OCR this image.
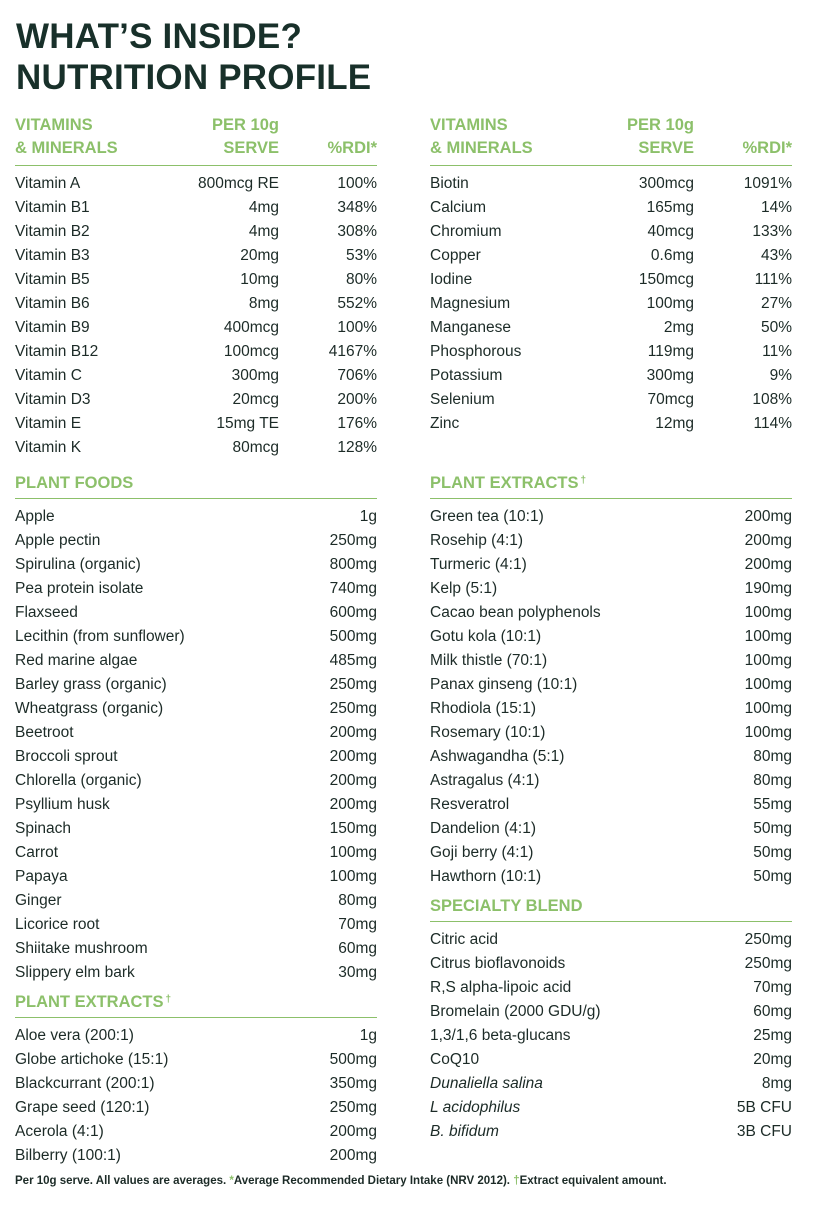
WHAT’S INSIDE?
NUTRITION PROFILE
VITAMINS
& MINERALS
PER 10g
SERVE	%RDI*
Vitamin A	800mcg RE	100%
Vitamin B1	4mg	348%
Vitamin B2	4mg	308%
Vitamin B3	20mg	53%
Vitamin B5	10mg	80%
Vitamin B6	8mg	552%
Vitamin B9	400mcg	100%
Vitamin B12	100mcg	4167%
Vitamin C	300mg	706%
Vitamin D3	20mcg	200%
Vitamin E	15mg TE	176%
Vitamin K	80mcg	128%
PLANT FOODS
Apple	1g
Apple pectin	250mg
Spirulina (organic)	800mg
Pea protein isolate	740mg
Flaxseed	600mg
Lecithin (from sunflower)	500mg
Red marine algae	485mg
Barley grass (organic)	250mg
Wheatgrass (organic)	250mg
Beetroot	200mg
Broccoli sprout	200mg
Chlorella (organic)	200mg
Psyllium husk	200mg
Spinach	150mg
Carrot	100mg
Papaya	100mg
Ginger	80mg
Licorice root	70mg
Shiitake mushroom	60mg
Slippery elm bark	30mg
PLANT EXTRACTS †
Aloe vera (200:1)	1g
Globe artichoke (15:1)	500mg
Blackcurrant (200:1)	350mg
Grape seed (120:1)	250mg
Acerola (4:1)	200mg
Bilberry (100:1)	200mg
VITAMINS
& MINERALS
PER 10g
SERVE	%RDI*
Biotin	300mcg	1091%
Calcium	165mg	14%
Chromium	40mcg	133%
Copper	0.6mg	43%
Iodine	150mcg	111%
Magnesium	100mg	27%
Manganese	2mg	50%
Phosphorous	119mg	11%
Potassium	300mg	9%
Selenium	70mcg	108%
Zinc	12mg	114%
PLANT EXTRACTS †
Green tea (10:1)	200mg
Rosehip (4:1)	200mg
Turmeric (4:1)	200mg
Kelp (5:1)	190mg
Cacao bean polyphenols	100mg
Gotu kola (10:1)	100mg
Milk thistle (70:1)	100mg
Panax ginseng (10:1)	100mg
Rhodiola (15:1)	100mg
Rosemary (10:1)	100mg
Ashwagandha (5:1)	80mg
Astragalus (4:1)	80mg
Resveratrol	55mg
Dandelion (4:1)	50mg
Goji berry (4:1)	50mg
Hawthorn (10:1)	50mg
SPECIALTY BLEND
Citric acid	250mg
Citrus bioflavonoids	250mg
R,S alpha-lipoic acid	70mg
Bromelain (2000 GDU/g)	60mg
1,3/1,6 beta-glucans	25mg
CoQ10	20mg
Dunaliella salina	8mg
L acidophilus	5B CFU
B. bifidum	3B CFU
Per 10g serve. All values are averages. *Average Recommended Dietary Intake (NRV 2012). †Extract equivalent amount.
